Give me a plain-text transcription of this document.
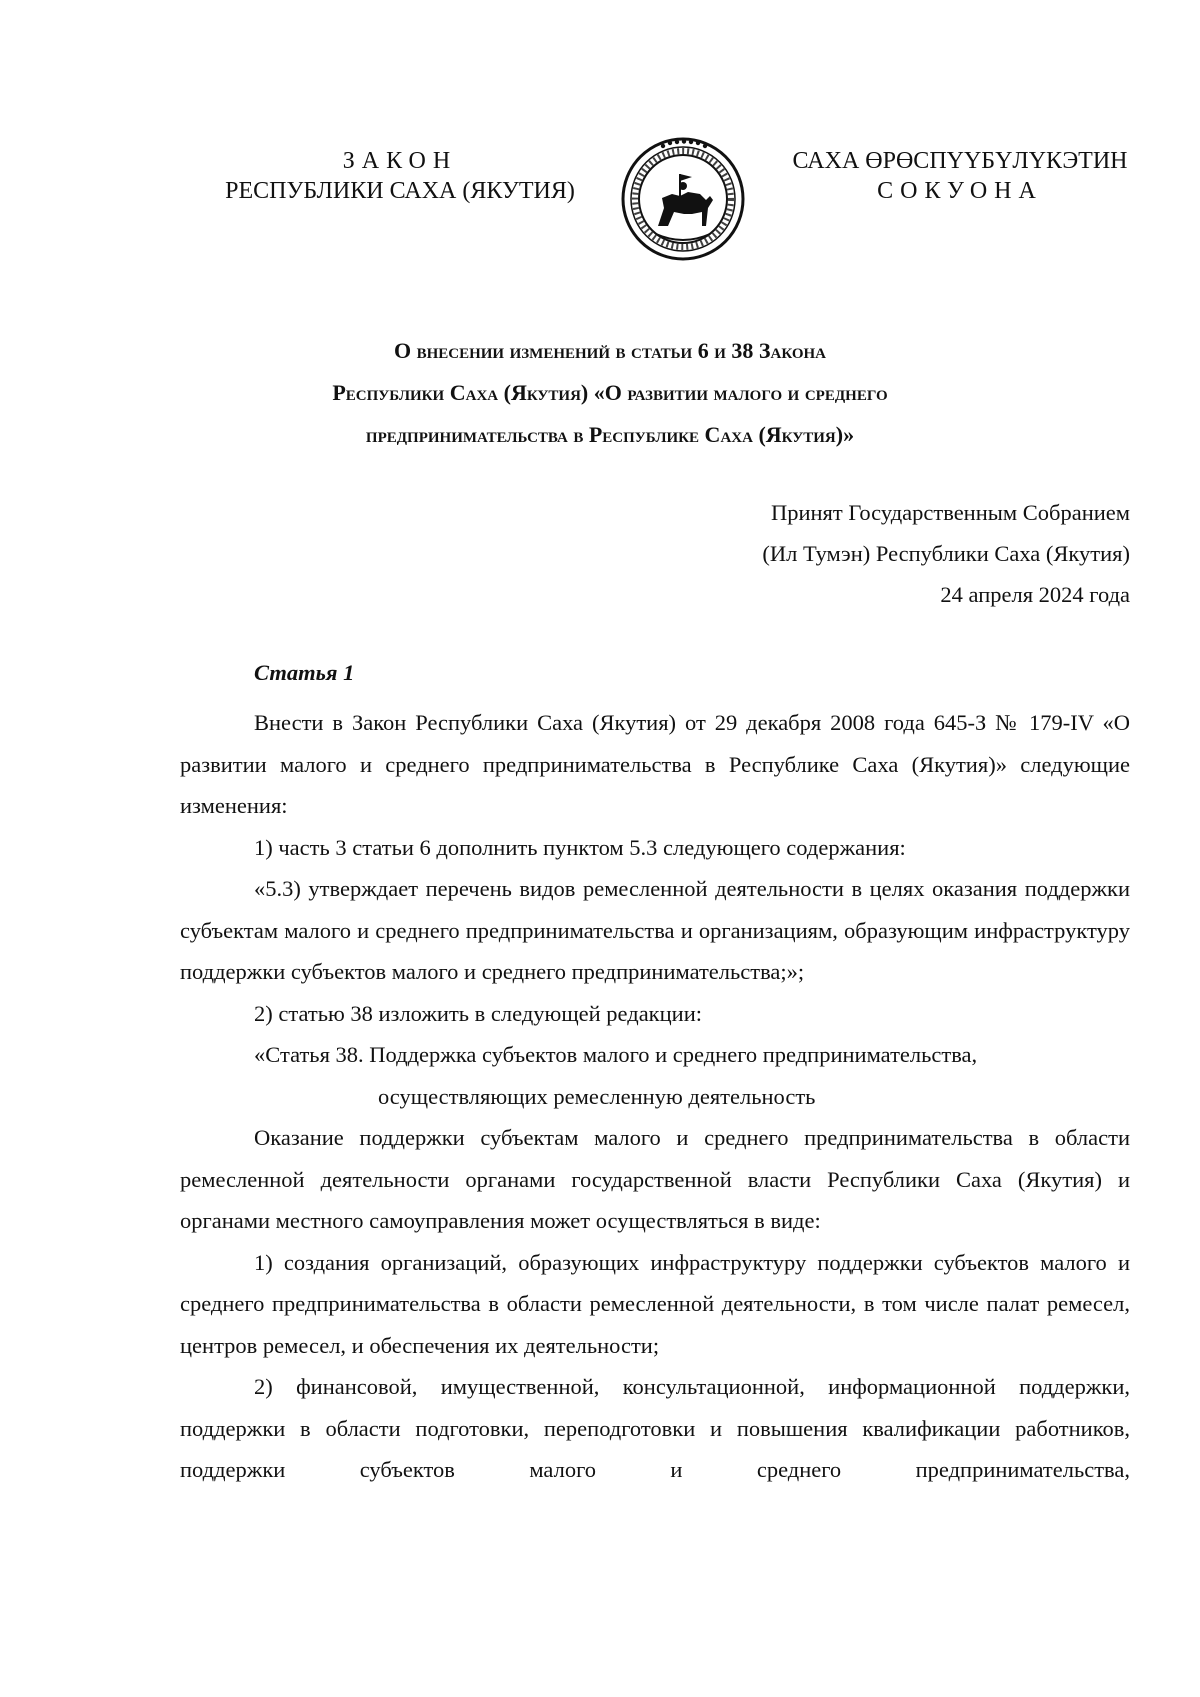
ЗАКОН
РЕСПУБЛИКИ САХА (ЯКУТИЯ)
САХА ӨРӨСПҮҮБҮЛҮКЭТИН
СОКУОНА
О внесении изменений в статьи 6 и 38 Закона
Республики Саха (Якутия) «О развитии малого и среднего
предпринимательства в Республике Саха (Якутия)»
Принят Государственным Собранием
(Ил Тумэн) Республики Саха (Якутия)
24 апреля 2024 года
Статья 1

Внести в Закон Республики Саха (Якутия) от 29 декабря 2008 года 645-З № 179-IV «О развитии малого и среднего предпринимательства в Республике Саха (Якутия)» следующие изменения:

1) часть 3 статьи 6 дополнить пунктом 5.3 следующего содержания:

«5.3) утверждает перечень видов ремесленной деятельности в целях оказания поддержки субъектам малого и среднего предпринимательства и организациям, образующим инфраструктуру поддержки субъектов малого и среднего предпринимательства;»;

2) статью 38 изложить в следующей редакции:

«Статья 38. Поддержка субъектов малого и среднего предпринимательства,

осуществляющих ремесленную деятельность

Оказание поддержки субъектам малого и среднего предпринимательства в области ремесленной деятельности органами государственной власти Республики Саха (Якутия) и органами местного самоуправления может осуществляться в виде:

1) создания организаций, образующих инфраструктуру поддержки субъектов малого и среднего предпринимательства в области ремесленной деятельности, в том числе палат ремесел, центров ремесел, и обеспечения их деятельности;

2) финансовой, имущественной, консультационной, информационной поддержки, поддержки в области подготовки, переподготовки и повышения квалификации работников, поддержки субъектов малого и среднего предпринимательства,
